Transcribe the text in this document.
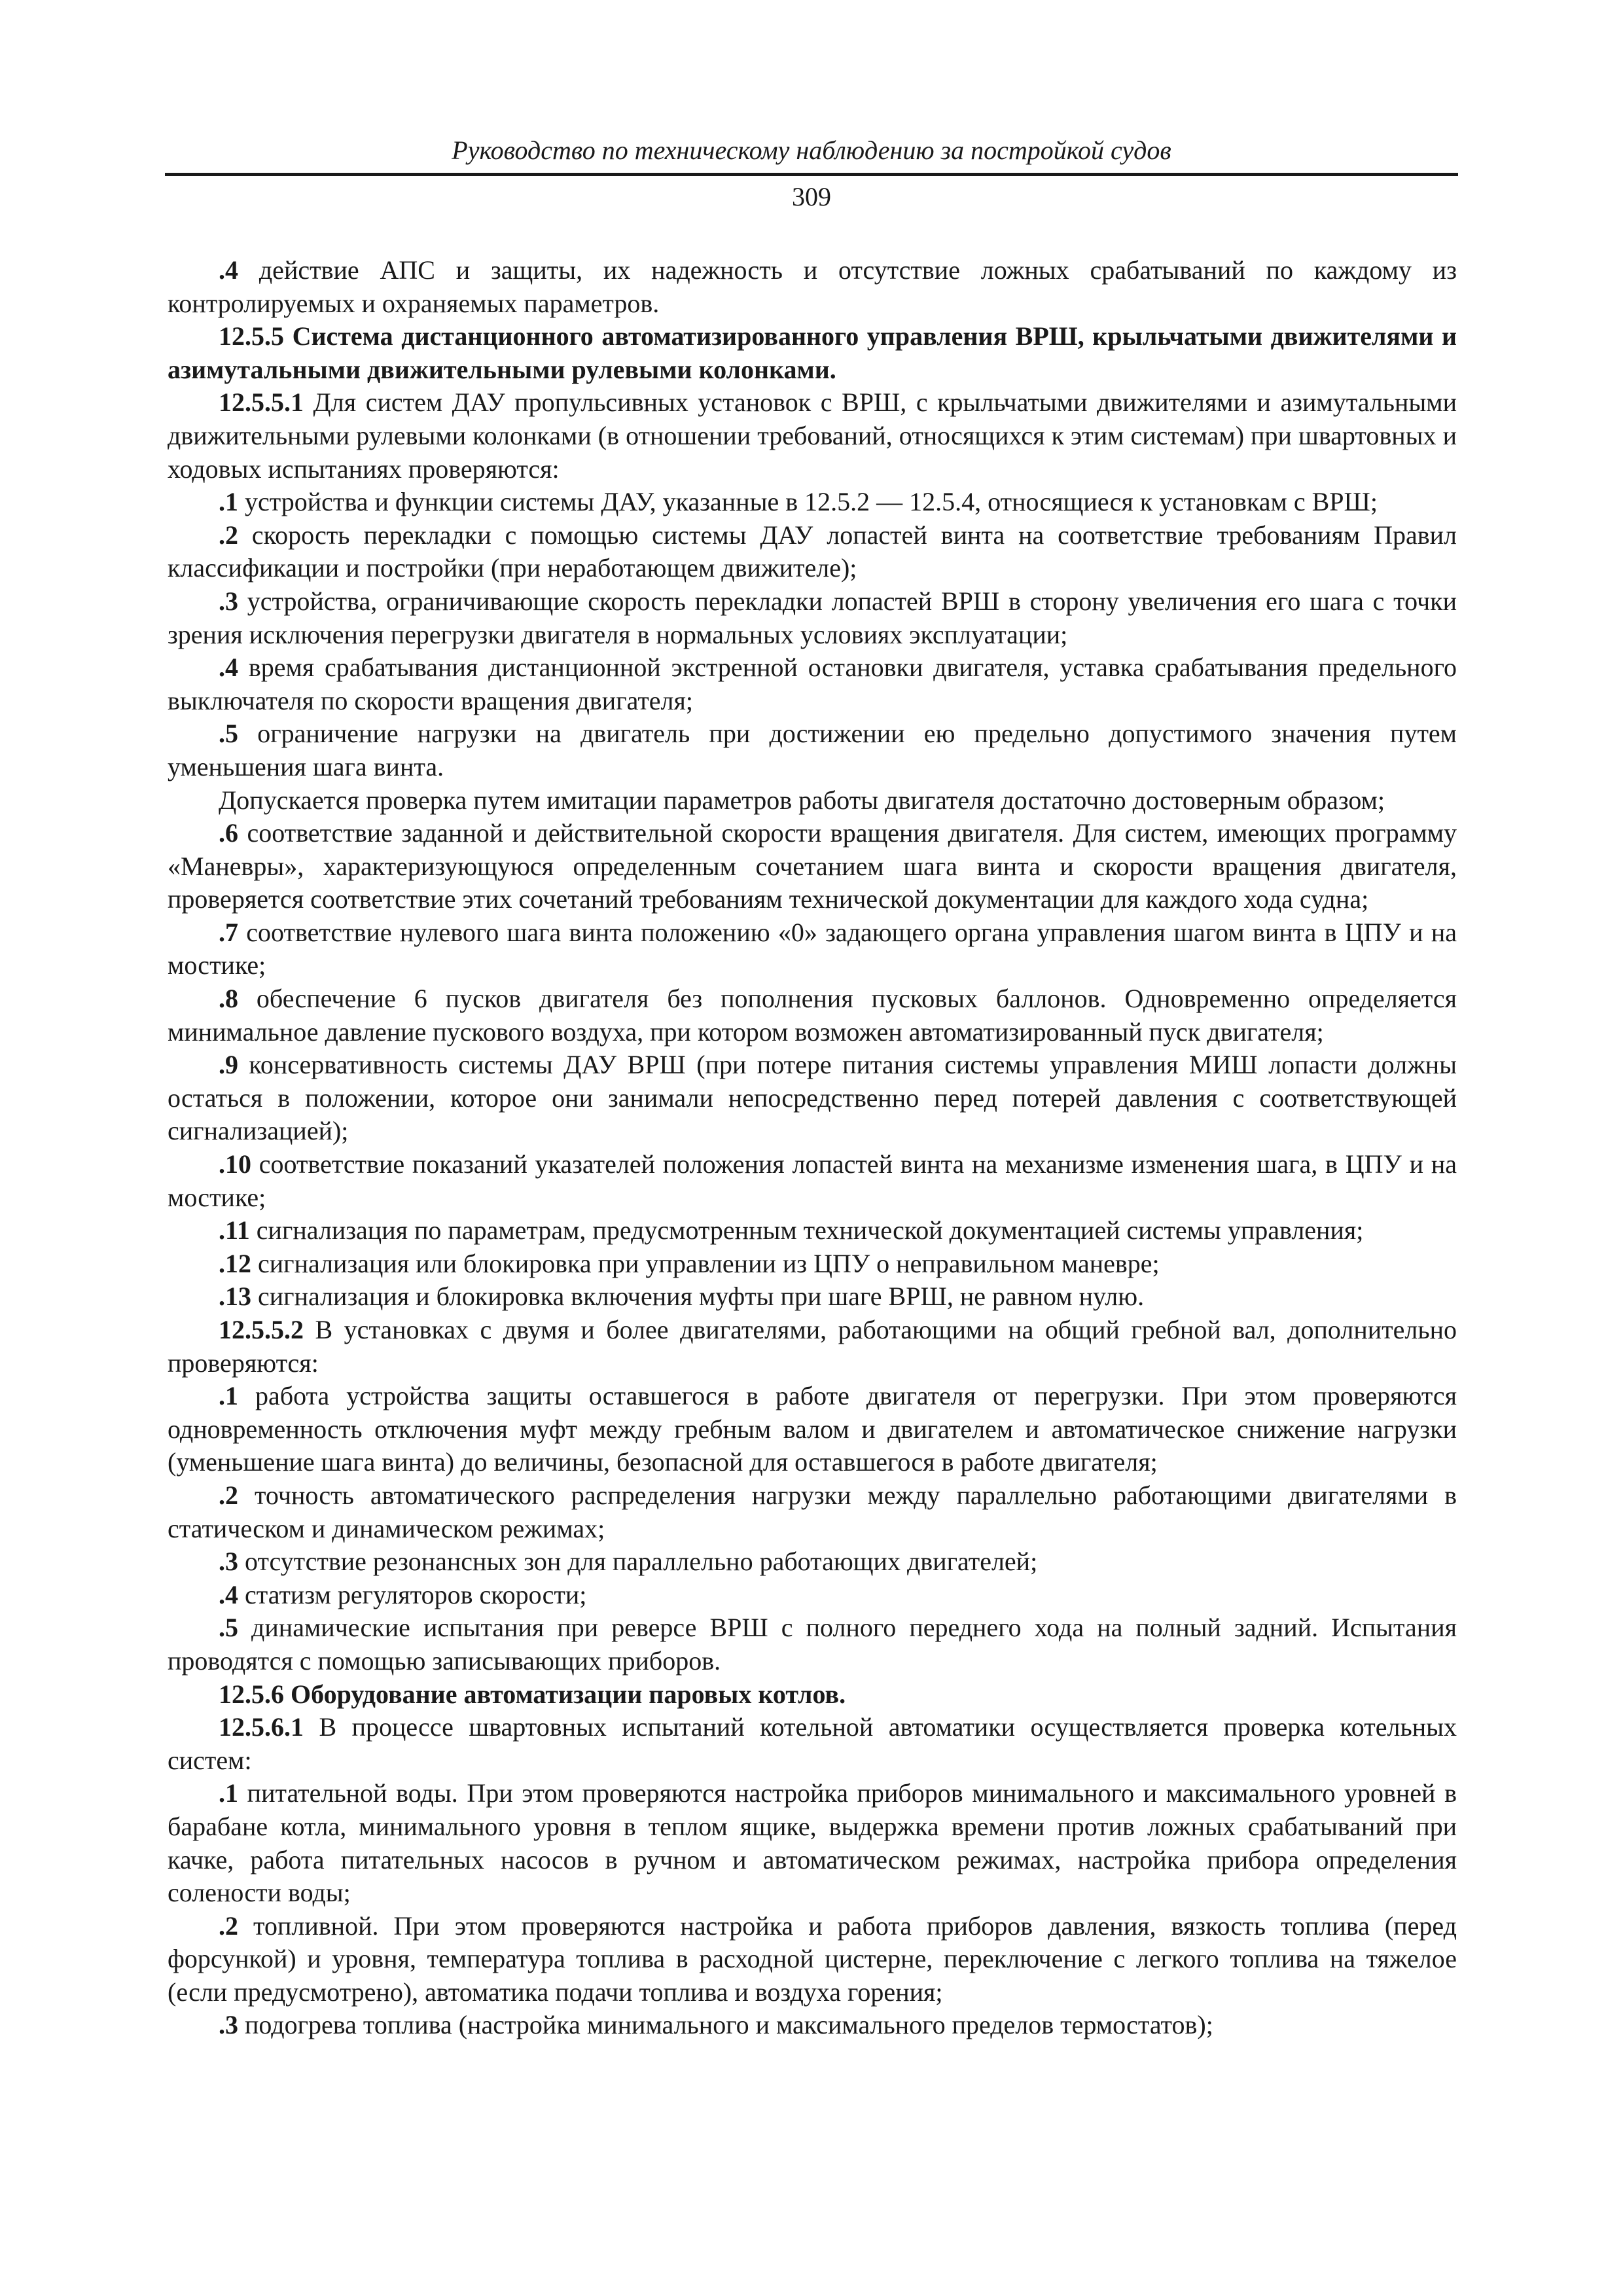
Руководство по техническому наблюдению за постройкой судов
309

.4 действие АПС и защиты, их надежность и отсутствие ложных срабатываний по каждому из контролируемых и охраняемых параметров.

12.5.5 Система дистанционного автоматизированного управления ВРШ, крыльчатыми движителями и азимутальными движительными рулевыми колонками.

12.5.5.1 Для систем ДАУ пропульсивных установок с ВРШ, с крыльчатыми движителями и азимутальными движительными рулевыми колонками (в отношении требований, относящихся к этим системам) при швартовных и ходовых испытаниях проверяются:

.1 устройства и функции системы ДАУ, указанные в 12.5.2 — 12.5.4, относящиеся к установкам с ВРШ;

.2 скорость перекладки с помощью системы ДАУ лопастей винта на соответствие требованиям Правил классификации и постройки (при неработающем движителе);

.3 устройства, ограничивающие скорость перекладки лопастей ВРШ в сторону увеличения его шага с точки зрения исключения перегрузки двигателя в нормальных условиях эксплуатации;

.4 время срабатывания дистанционной экстренной остановки двигателя, уставка срабатывания предельного выключателя по скорости вращения двигателя;

.5 ограничение нагрузки на двигатель при достижении ею предельно допустимого значения путем уменьшения шага винта.

Допускается проверка путем имитации параметров работы двигателя достаточно достоверным образом;

.6 соответствие заданной и действительной скорости вращения двигателя. Для систем, имеющих программу «Маневры», характеризующуюся определенным сочетанием шага винта и скорости вращения двигателя, проверяется соответствие этих сочетаний требованиям технической документации для каждого хода судна;

.7 соответствие нулевого шага винта положению «0» задающего органа управления шагом винта в ЦПУ и на мостике;

.8 обеспечение 6 пусков двигателя без пополнения пусковых баллонов. Одновременно определяется минимальное давление пускового воздуха, при котором возможен автоматизированный пуск двигателя;

.9 консервативность системы ДАУ ВРШ (при потере питания системы управления МИШ лопасти должны остаться в положении, которое они занимали непосредственно перед потерей давления с соответствующей сигнализацией);

.10 соответствие показаний указателей положения лопастей винта на механизме изменения шага, в ЦПУ и на мостике;

.11 сигнализация по параметрам, предусмотренным технической документацией системы управления;

.12 сигнализация или блокировка при управлении из ЦПУ о неправильном маневре;

.13 сигнализация и блокировка включения муфты при шаге ВРШ, не равном нулю.

12.5.5.2 В установках с двумя и более двигателями, работающими на общий гребной вал, дополнительно проверяются:

.1 работа устройства защиты оставшегося в работе двигателя от перегрузки. При этом проверяются одновременность отключения муфт между гребным валом и двигателем и автоматическое снижение нагрузки (уменьшение шага винта) до величины, безопасной для оставшегося в работе двигателя;

.2 точность автоматического распределения нагрузки между параллельно работающими двигателями в статическом и динамическом режимах;

.3 отсутствие резонансных зон для параллельно работающих двигателей;

.4 статизм регуляторов скорости;

.5 динамические испытания при реверсе ВРШ с полного переднего хода на полный задний. Испытания проводятся с помощью записывающих приборов.

12.5.6 Оборудование автоматизации паровых котлов.

12.5.6.1 В процессе швартовных испытаний котельной автоматики осуществляется проверка котельных систем:

.1 питательной воды. При этом проверяются настройка приборов минимального и максимального уровней в барабане котла, минимального уровня в теплом ящике, выдержка времени против ложных срабатываний при качке, работа питательных насосов в ручном и автоматическом режимах, настройка прибора определения солености воды;

.2 топливной. При этом проверяются настройка и работа приборов давления, вязкость топлива (перед форсункой) и уровня, температура топлива в расходной цистерне, переключение с легкого топлива на тяжелое (если предусмотрено), автоматика подачи топлива и воздуха горения;

.3 подогрева топлива (настройка минимального и максимального пределов термостатов);
